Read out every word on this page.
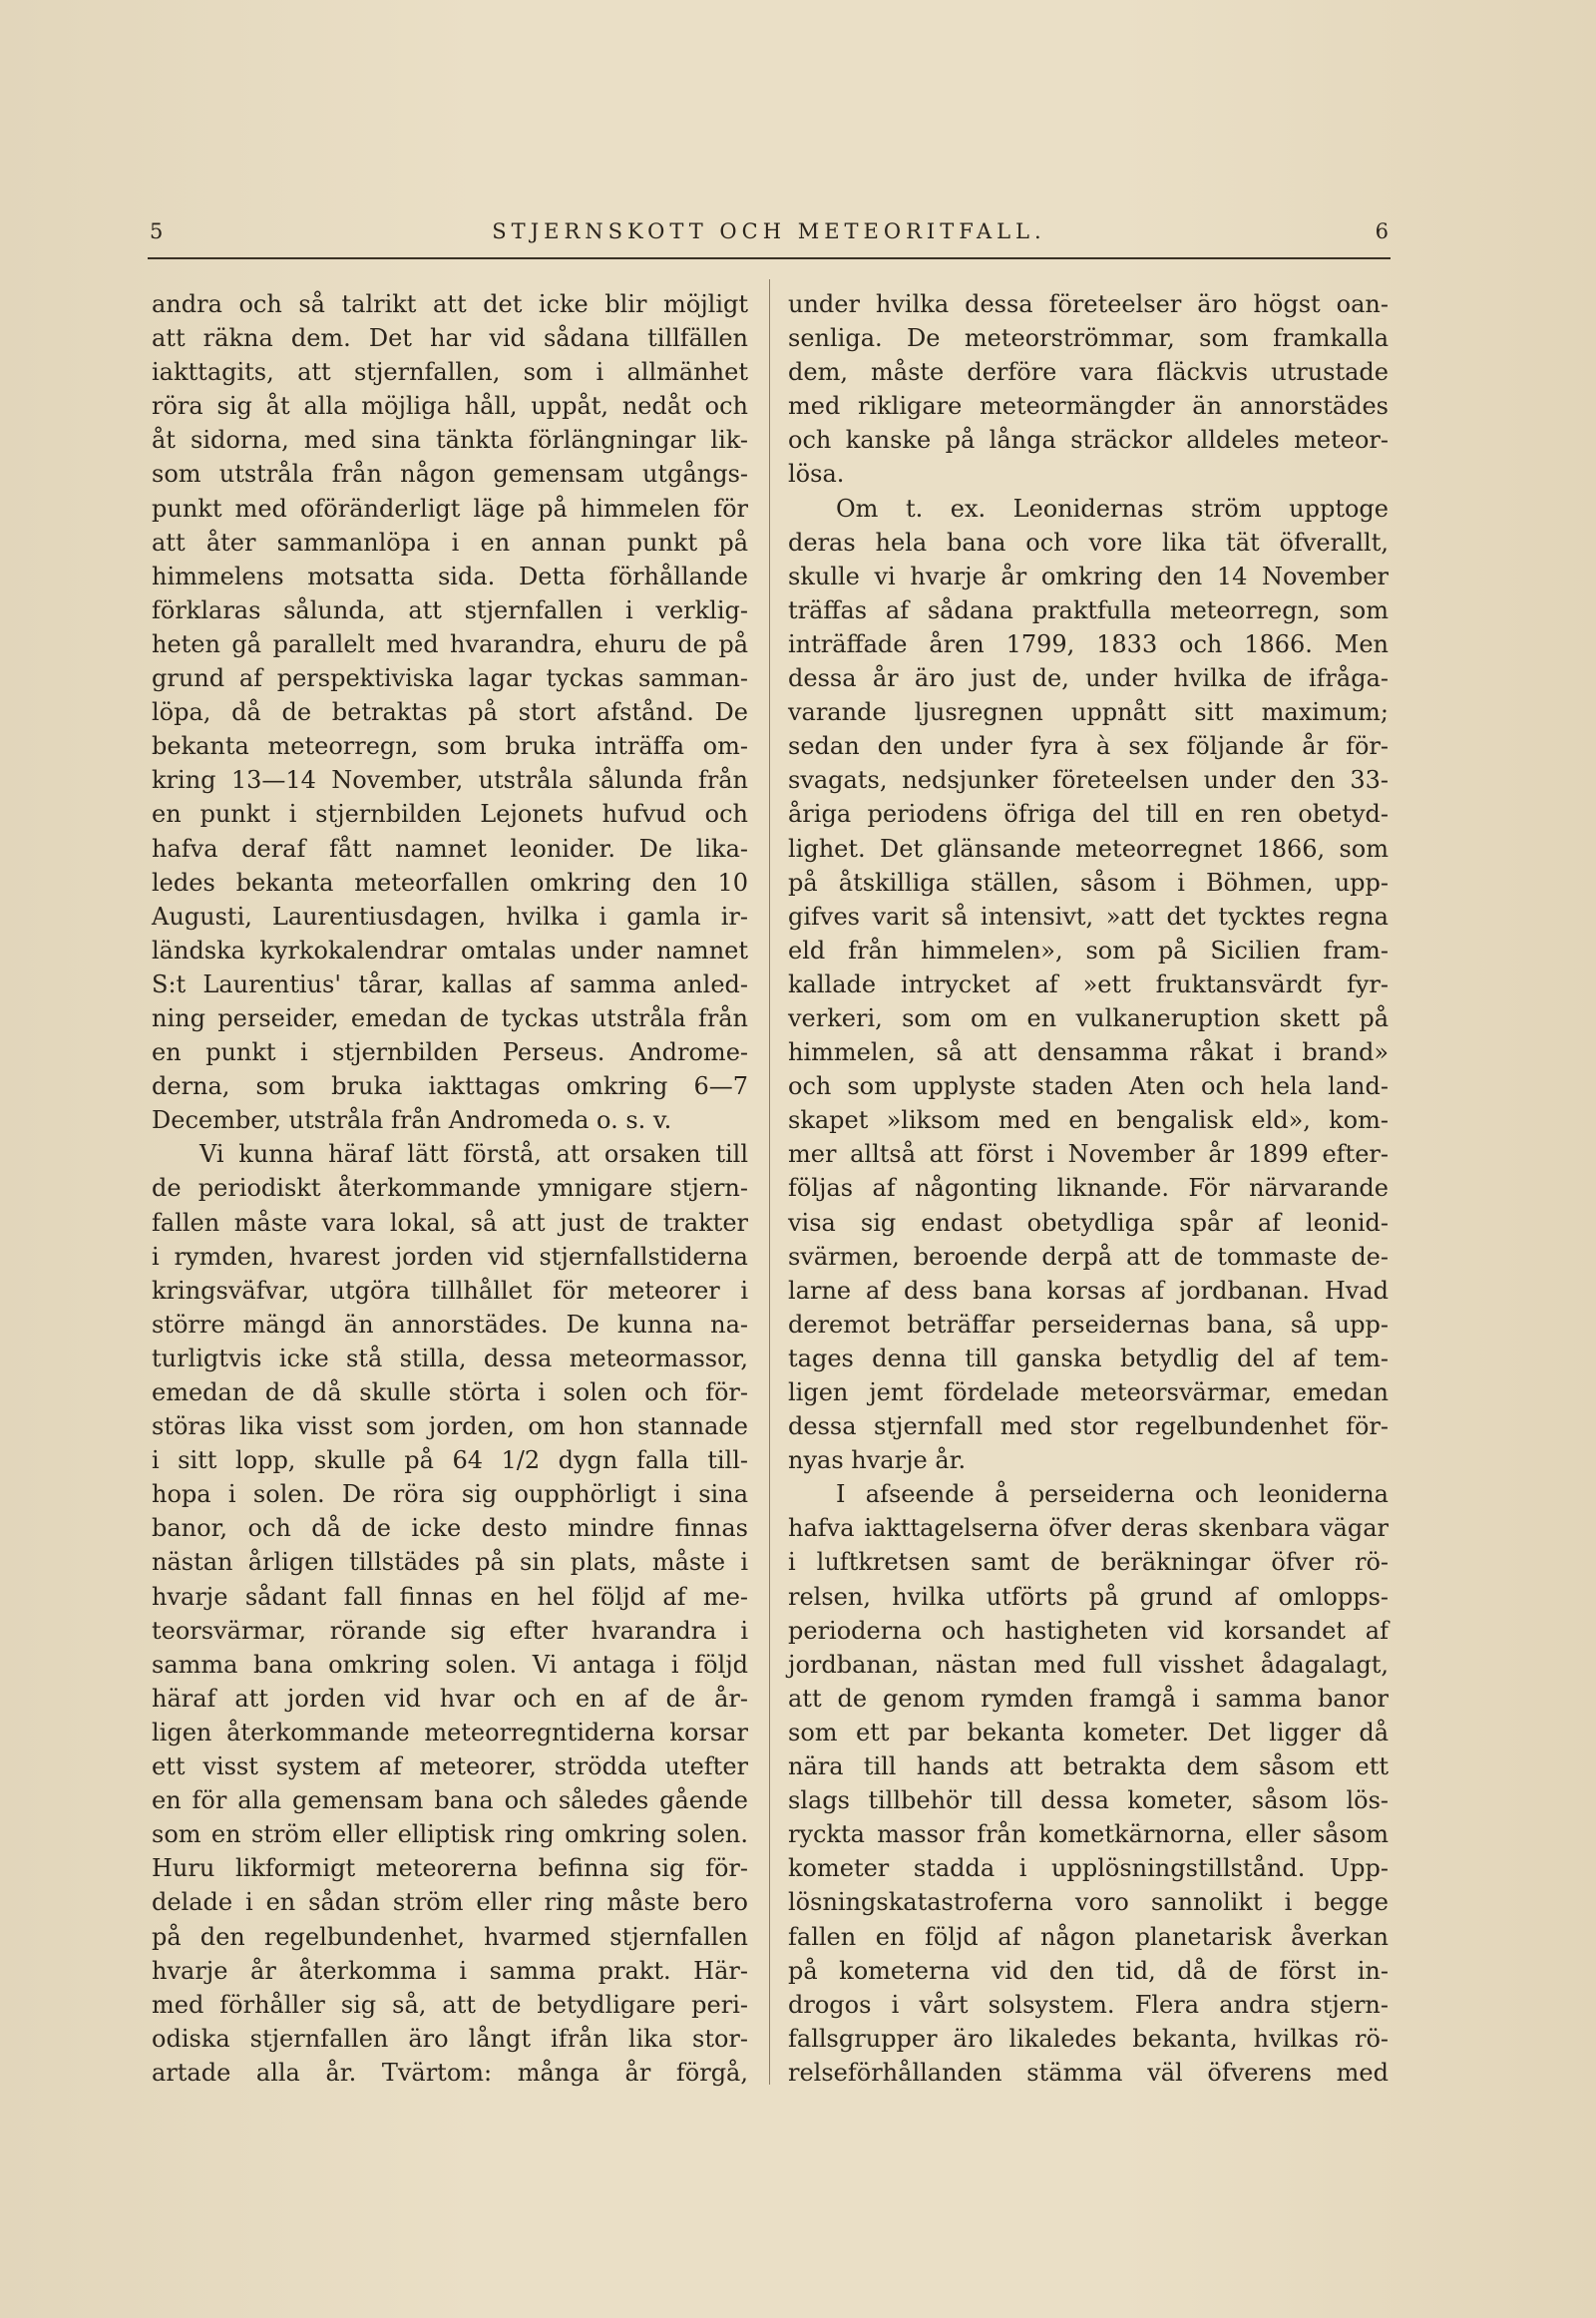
5	STJERNSKOTT OCH METEORITFALL.	6
andra och så talrikt att det icke blir möjligt
att räkna dem. Det har vid sådana tillfällen
iakttagits, att stjernfallen, som i allmänhet
röra sig åt alla möjliga håll, uppåt, nedåt och
åt sidorna, med sina tänkta förlängningar lik-
som utstråla från någon gemensam utgångs-
punkt med oföränderligt läge på himmelen för
att åter sammanlöpa i en annan punkt på
himmelens motsatta sida. Detta förhållande
förklaras sålunda, att stjernfallen i verklig-
heten gå parallelt med hvarandra, ehuru de på
grund af perspektiviska lagar tyckas samman-
löpa, då de betraktas på stort afstånd. De
bekanta meteorregn, som bruka inträffa om-
kring 13—14 November, utstråla sålunda från
en punkt i stjernbilden Lejonets hufvud och
hafva deraf fått namnet leonider. De lika-
ledes bekanta meteorfallen omkring den 10
Augusti, Laurentiusdagen, hvilka i gamla ir-
ländska kyrkokalendrar omtalas under namnet
S:t Laurentius' tårar, kallas af samma anled-
ning perseider, emedan de tyckas utstråla från
en punkt i stjernbilden Perseus. Androme-
derna, som bruka iakttagas omkring 6—7
December, utstråla från Andromeda o. s. v.
Vi kunna häraf lätt förstå, att orsaken till
de periodiskt återkommande ymnigare stjern-
fallen måste vara lokal, så att just de trakter
i rymden, hvarest jorden vid stjernfallstiderna
kringsväfvar, utgöra tillhållet för meteorer i
större mängd än annorstädes. De kunna na-
turligtvis icke stå stilla, dessa meteormassor,
emedan de då skulle störta i solen och för-
störas lika visst som jorden, om hon stannade
i sitt lopp, skulle på 64 1/2 dygn falla till-
hopa i solen. De röra sig oupphörligt i sina
banor, och då de icke desto mindre finnas
nästan årligen tillstädes på sin plats, måste i
hvarje sådant fall finnas en hel följd af me-
teorsvärmar, rörande sig efter hvarandra i
samma bana omkring solen. Vi antaga i följd
häraf att jorden vid hvar och en af de år-
ligen återkommande meteorregntiderna korsar
ett visst system af meteorer, strödda utefter
en för alla gemensam bana och således gående
som en ström eller elliptisk ring omkring solen.
Huru likformigt meteorerna befinna sig för-
delade i en sådan ström eller ring måste bero
på den regelbundenhet, hvarmed stjernfallen
hvarje år återkomma i samma prakt. Här-
med förhåller sig så, att de betydligare peri-
odiska stjernfallen äro långt ifrån lika stor-
artade alla år. Tvärtom: många år förgå,
under hvilka dessa företeelser äro högst oan-
senliga. De meteorströmmar, som framkalla
dem, måste derföre vara fläckvis utrustade
med rikligare meteormängder än annorstädes
och kanske på långa sträckor alldeles meteor-
lösa.
Om t. ex. Leonidernas ström upptoge
deras hela bana och vore lika tät öfverallt,
skulle vi hvarje år omkring den 14 November
träffas af sådana praktfulla meteorregn, som
inträffade åren 1799, 1833 och 1866. Men
dessa år äro just de, under hvilka de ifråga-
varande ljusregnen uppnått sitt maximum;
sedan den under fyra à sex följande år för-
svagats, nedsjunker företeelsen under den 33-
åriga periodens öfriga del till en ren obetyd-
lighet. Det glänsande meteorregnet 1866, som
på åtskilliga ställen, såsom i Böhmen, upp-
gifves varit så intensivt, »att det tycktes regna
eld från himmelen», som på Sicilien fram-
kallade intrycket af »ett fruktansvärdt fyr-
verkeri, som om en vulkaneruption skett på
himmelen, så att densamma råkat i brand»
och som upplyste staden Aten och hela land-
skapet »liksom med en bengalisk eld», kom-
mer alltså att först i November år 1899 efter-
följas af någonting liknande. För närvarande
visa sig endast obetydliga spår af leonid-
svärmen, beroende derpå att de tommaste de-
larne af dess bana korsas af jordbanan. Hvad
deremot beträffar perseidernas bana, så upp-
tages denna till ganska betydlig del af tem-
ligen jemt fördelade meteorsvärmar, emedan
dessa stjernfall med stor regelbundenhet för-
nyas hvarje år.
I afseende å perseiderna och leoniderna
hafva iakttagelserna öfver deras skenbara vägar
i luftkretsen samt de beräkningar öfver rö-
relsen, hvilka utförts på grund af omlopps-
perioderna och hastigheten vid korsandet af
jordbanan, nästan med full visshet ådagalagt,
att de genom rymden framgå i samma banor
som ett par bekanta kometer. Det ligger då
nära till hands att betrakta dem såsom ett
slags tillbehör till dessa kometer, såsom lös-
ryckta massor från kometkärnorna, eller såsom
kometer stadda i upplösningstillstånd. Upp-
lösningskatastroferna voro sannolikt i begge
fallen en följd af någon planetarisk åverkan
på kometerna vid den tid, då de först in-
drogos i vårt solsystem. Flera andra stjern-
fallsgrupper äro likaledes bekanta, hvilkas rö-
relseförhållanden stämma väl öfverens med
